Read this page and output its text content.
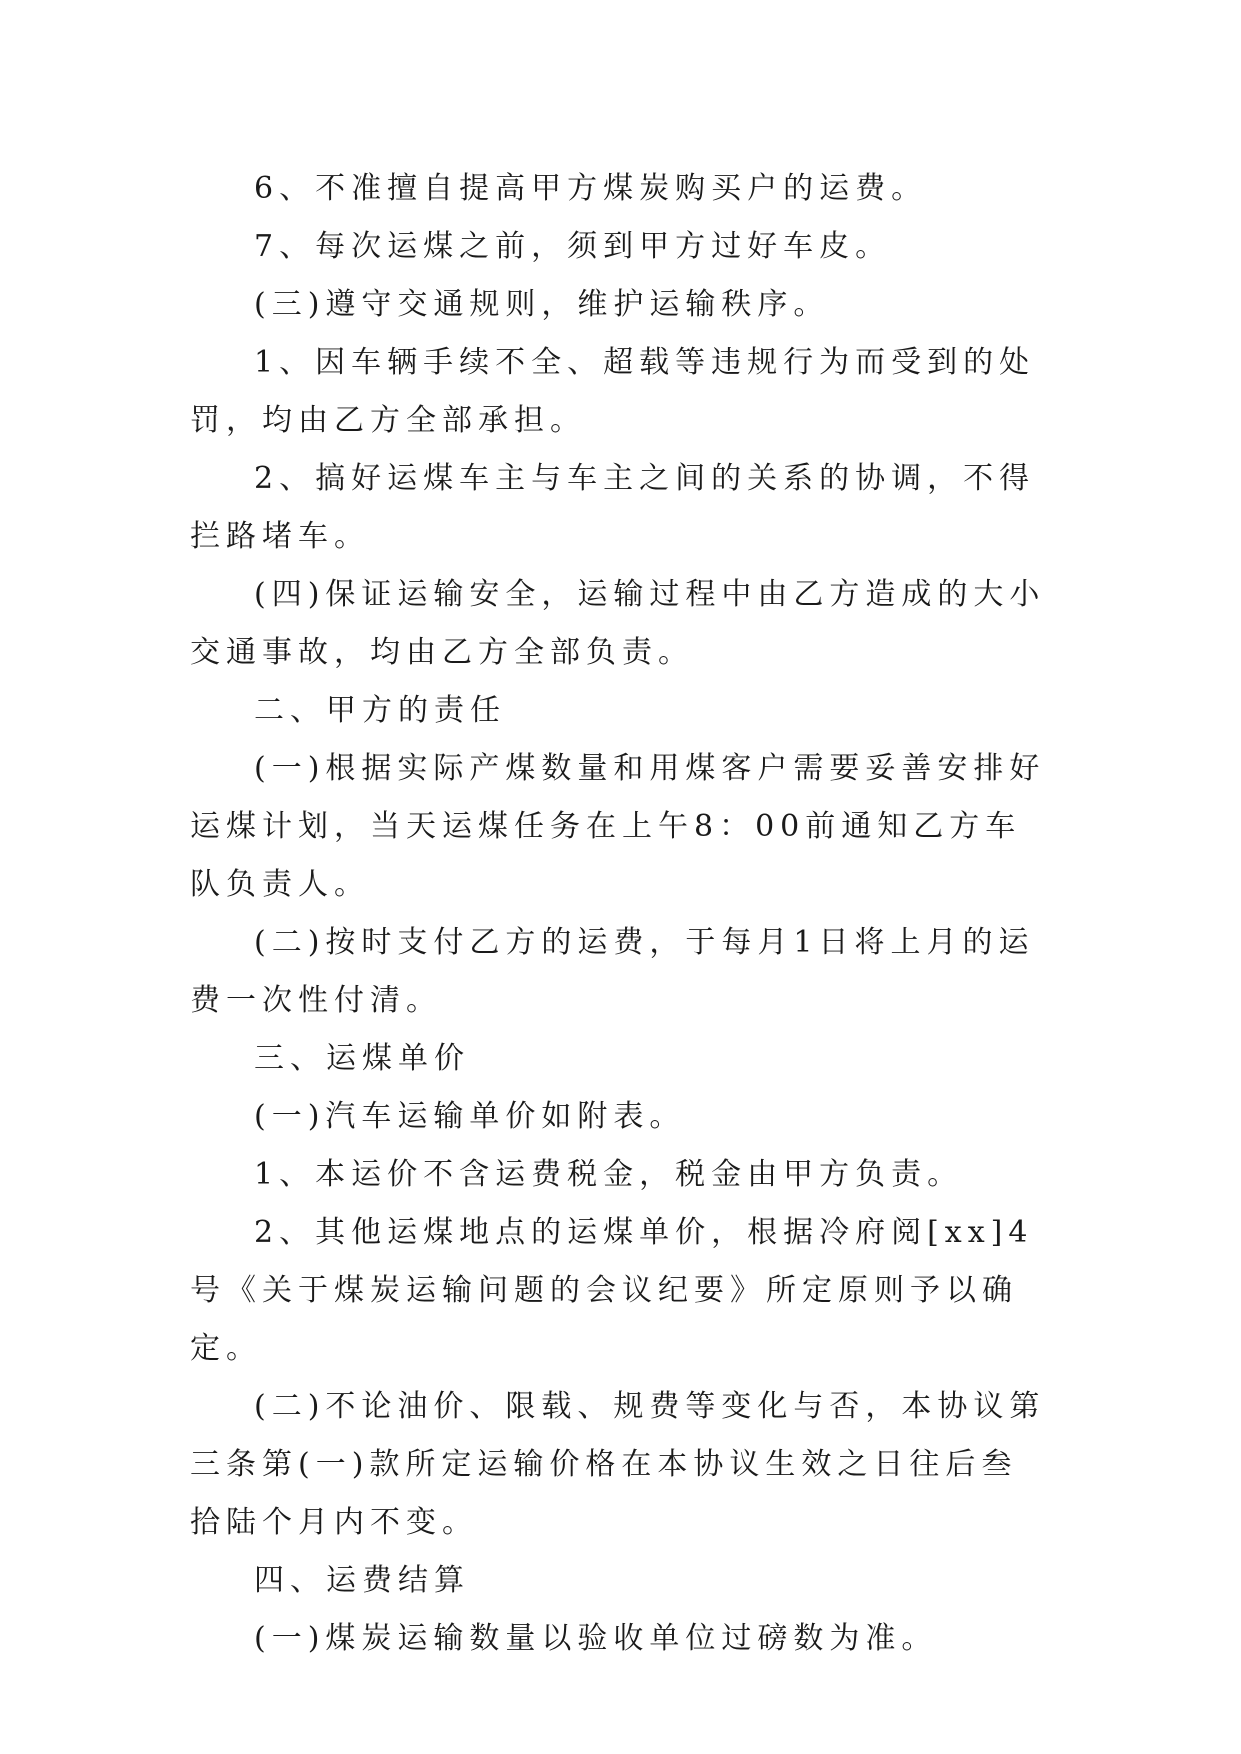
6、不准擅自提高甲方煤炭购买户的运费。

7、每次运煤之前，须到甲方过好车皮。

(三)遵守交通规则，维护运输秩序。

1、因车辆手续不全、超载等违规行为而受到的处罚，均由乙方全部承担。

2、搞好运煤车主与车主之间的关系的协调，不得拦路堵车。

(四)保证运输安全，运输过程中由乙方造成的大小交通事故，均由乙方全部负责。

二、甲方的责任

(一)根据实际产煤数量和用煤客户需要妥善安排好运煤计划，当天运煤任务在上午8：00前通知乙方车队负责人。

(二)按时支付乙方的运费，于每月1日将上月的运费一次性付清。

三、运煤单价

(一)汽车运输单价如附表。

1、本运价不含运费税金，税金由甲方负责。

2、其他运煤地点的运煤单价，根据冷府阅[xx]4号《关于煤炭运输问题的会议纪要》所定原则予以确定。

(二)不论油价、限载、规费等变化与否，本协议第三条第(一)款所定运输价格在本协议生效之日往后叁拾陆个月内不变。

四、运费结算

(一)煤炭运输数量以验收单位过磅数为准。
